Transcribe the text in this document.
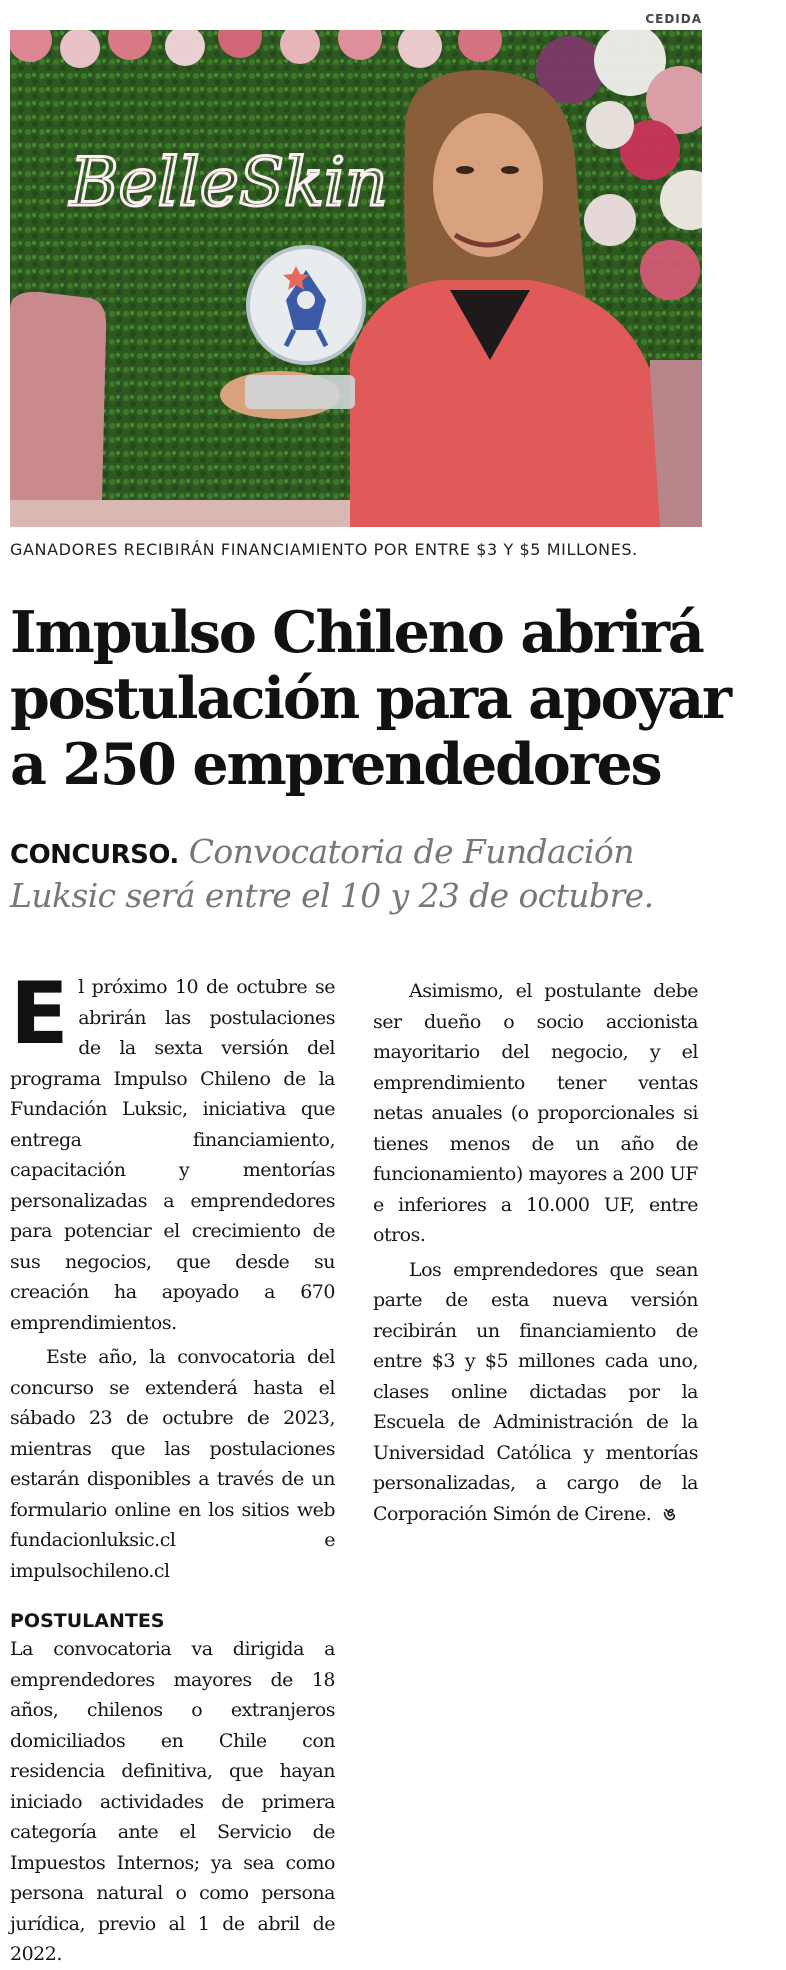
CEDIDA
BelleSkin
GANADORES RECIBIRÁN FINANCIAMIENTO POR ENTRE $3 Y $5 MILLONES.
Impulso Chileno abrirá
postulación para apoyar
a 250 emprendedores
CONCURSO. Convocatoria de Fundación Luksic será entre el 10 y 23 de octubre.

El próximo 10 de octubre se abrirán las postulaciones de la sexta versión del programa Impulso Chileno de la Fundación Luksic, iniciativa que entrega financiamiento, capacitación y mentorías personalizadas a emprendedores para potenciar el crecimiento de sus negocios, que desde su creación ha apoyado a 670 emprendimientos.

Este año, la convocatoria del concurso se extenderá hasta el sábado 23 de octubre de 2023, mientras que las postulaciones estarán disponibles a través de un formulario online en los sitios web fundacionluksic.cl e impulsochileno.cl

POSTULANTES

La convocatoria va dirigida a emprendedores mayores de 18 años, chilenos o extranjeros domiciliados en Chile con residencia definitiva, que hayan iniciado actividades de primera categoría ante el Servicio de Impuestos Internos; ya sea como persona natural o como persona jurídica, previo al 1 de abril de 2022.

Asimismo, el postulante debe ser dueño o socio accionista mayoritario del negocio, y el emprendimiento tener ventas netas anuales (o proporcionales si tienes menos de un año de funcionamiento) mayores a 200 UF e inferiores a 10.000 UF, entre otros.

Los emprendedores que sean parte de esta nueva versión recibirán un financiamiento de entre $3 y $5 millones cada uno, clases online dictadas por la Escuela de Administración de la Universidad Católica y mentorías personalizadas, a cargo de la Corporación Simón de Cirene. ঙ
